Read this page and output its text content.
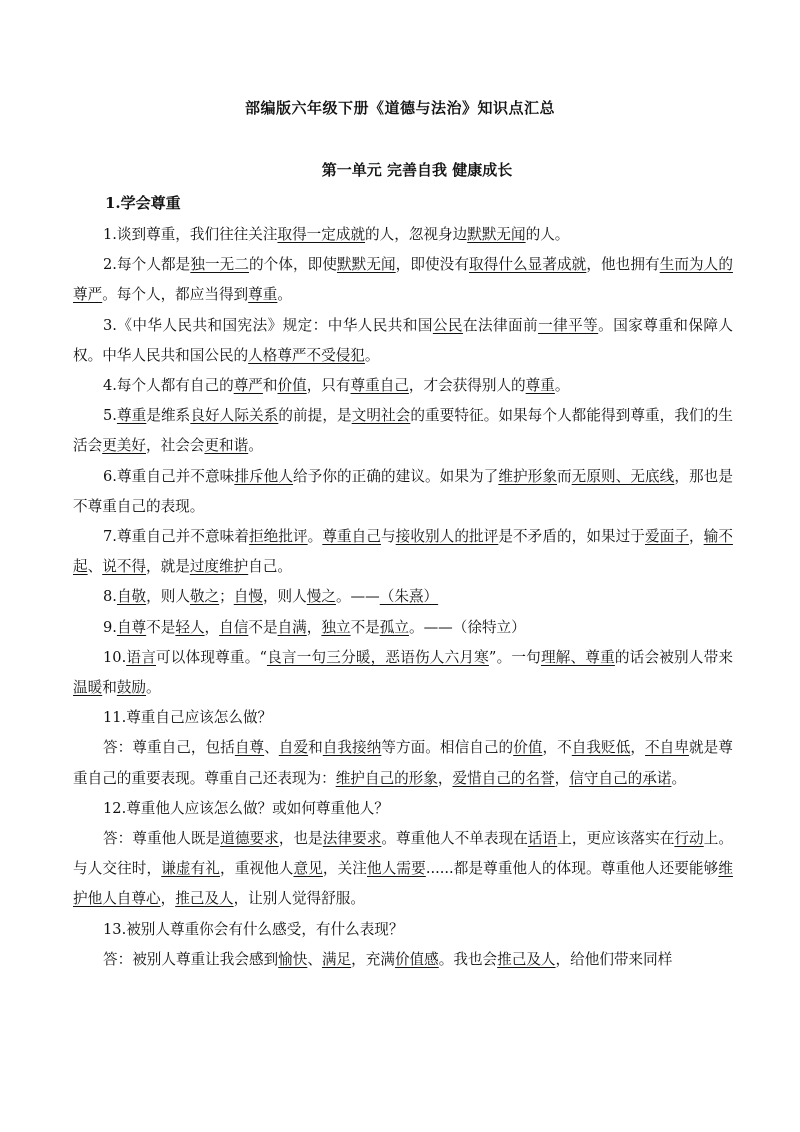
部编版六年级下册《道德与法治》知识点汇总
第一单元 完善自我 健康成长
1.学会尊重

1.谈到尊重，我们往往关注取得一定成就的人，忽视身边默默无闻的人。

2.每个人都是独一无二的个体，即使默默无闻，即使没有取得什么显著成就，他也拥有生而为人的尊严。每个人，都应当得到尊重。

3.《中华人民共和国宪法》规定：中华人民共和国公民在法律面前一律平等。国家尊重和保障人权。中华人民共和国公民的人格尊严不受侵犯。

4.每个人都有自己的尊严和价值，只有尊重自己，才会获得别人的尊重。

5.尊重是维系良好人际关系的前提，是文明社会的重要特征。如果每个人都能得到尊重，我们的生活会更美好，社会会更和谐。

6.尊重自己并不意味排斥他人给予你的正确的建议。如果为了维护形象而无原则、无底线，那也是不尊重自己的表现。

7.尊重自己并不意味着拒绝批评。尊重自己与接收别人的批评是不矛盾的，如果过于爱面子，输不起、说不得，就是过度维护自己。

8.自敬，则人敬之；自慢，则人慢之。——（朱熹）

9.自尊不是轻人，自信不是自满，独立不是孤立。——（徐特立）

10.语言可以体现尊重。“良言一句三分暖，恶语伤人六月寒”。一句理解、尊重的话会被别人带来温暖和鼓励。

11.尊重自己应该怎么做？

答：尊重自己，包括自尊、自爱和自我接纳等方面。相信自己的价值，不自我贬低，不自卑就是尊重自己的重要表现。尊重自己还表现为：维护自己的形象，爱惜自己的名誉，信守自己的承诺。

12.尊重他人应该怎么做？或如何尊重他人？

答：尊重他人既是道德要求，也是法律要求。尊重他人不单表现在话语上，更应该落实在行动上。与人交往时，谦虚有礼，重视他人意见，关注他人需要......都是尊重他人的体现。尊重他人还要能够维护他人自尊心，推己及人，让别人觉得舒服。

13.被别人尊重你会有什么感受，有什么表现？

答：被别人尊重让我会感到愉快、满足，充满价值感。我也会推己及人，给他们带来同样
